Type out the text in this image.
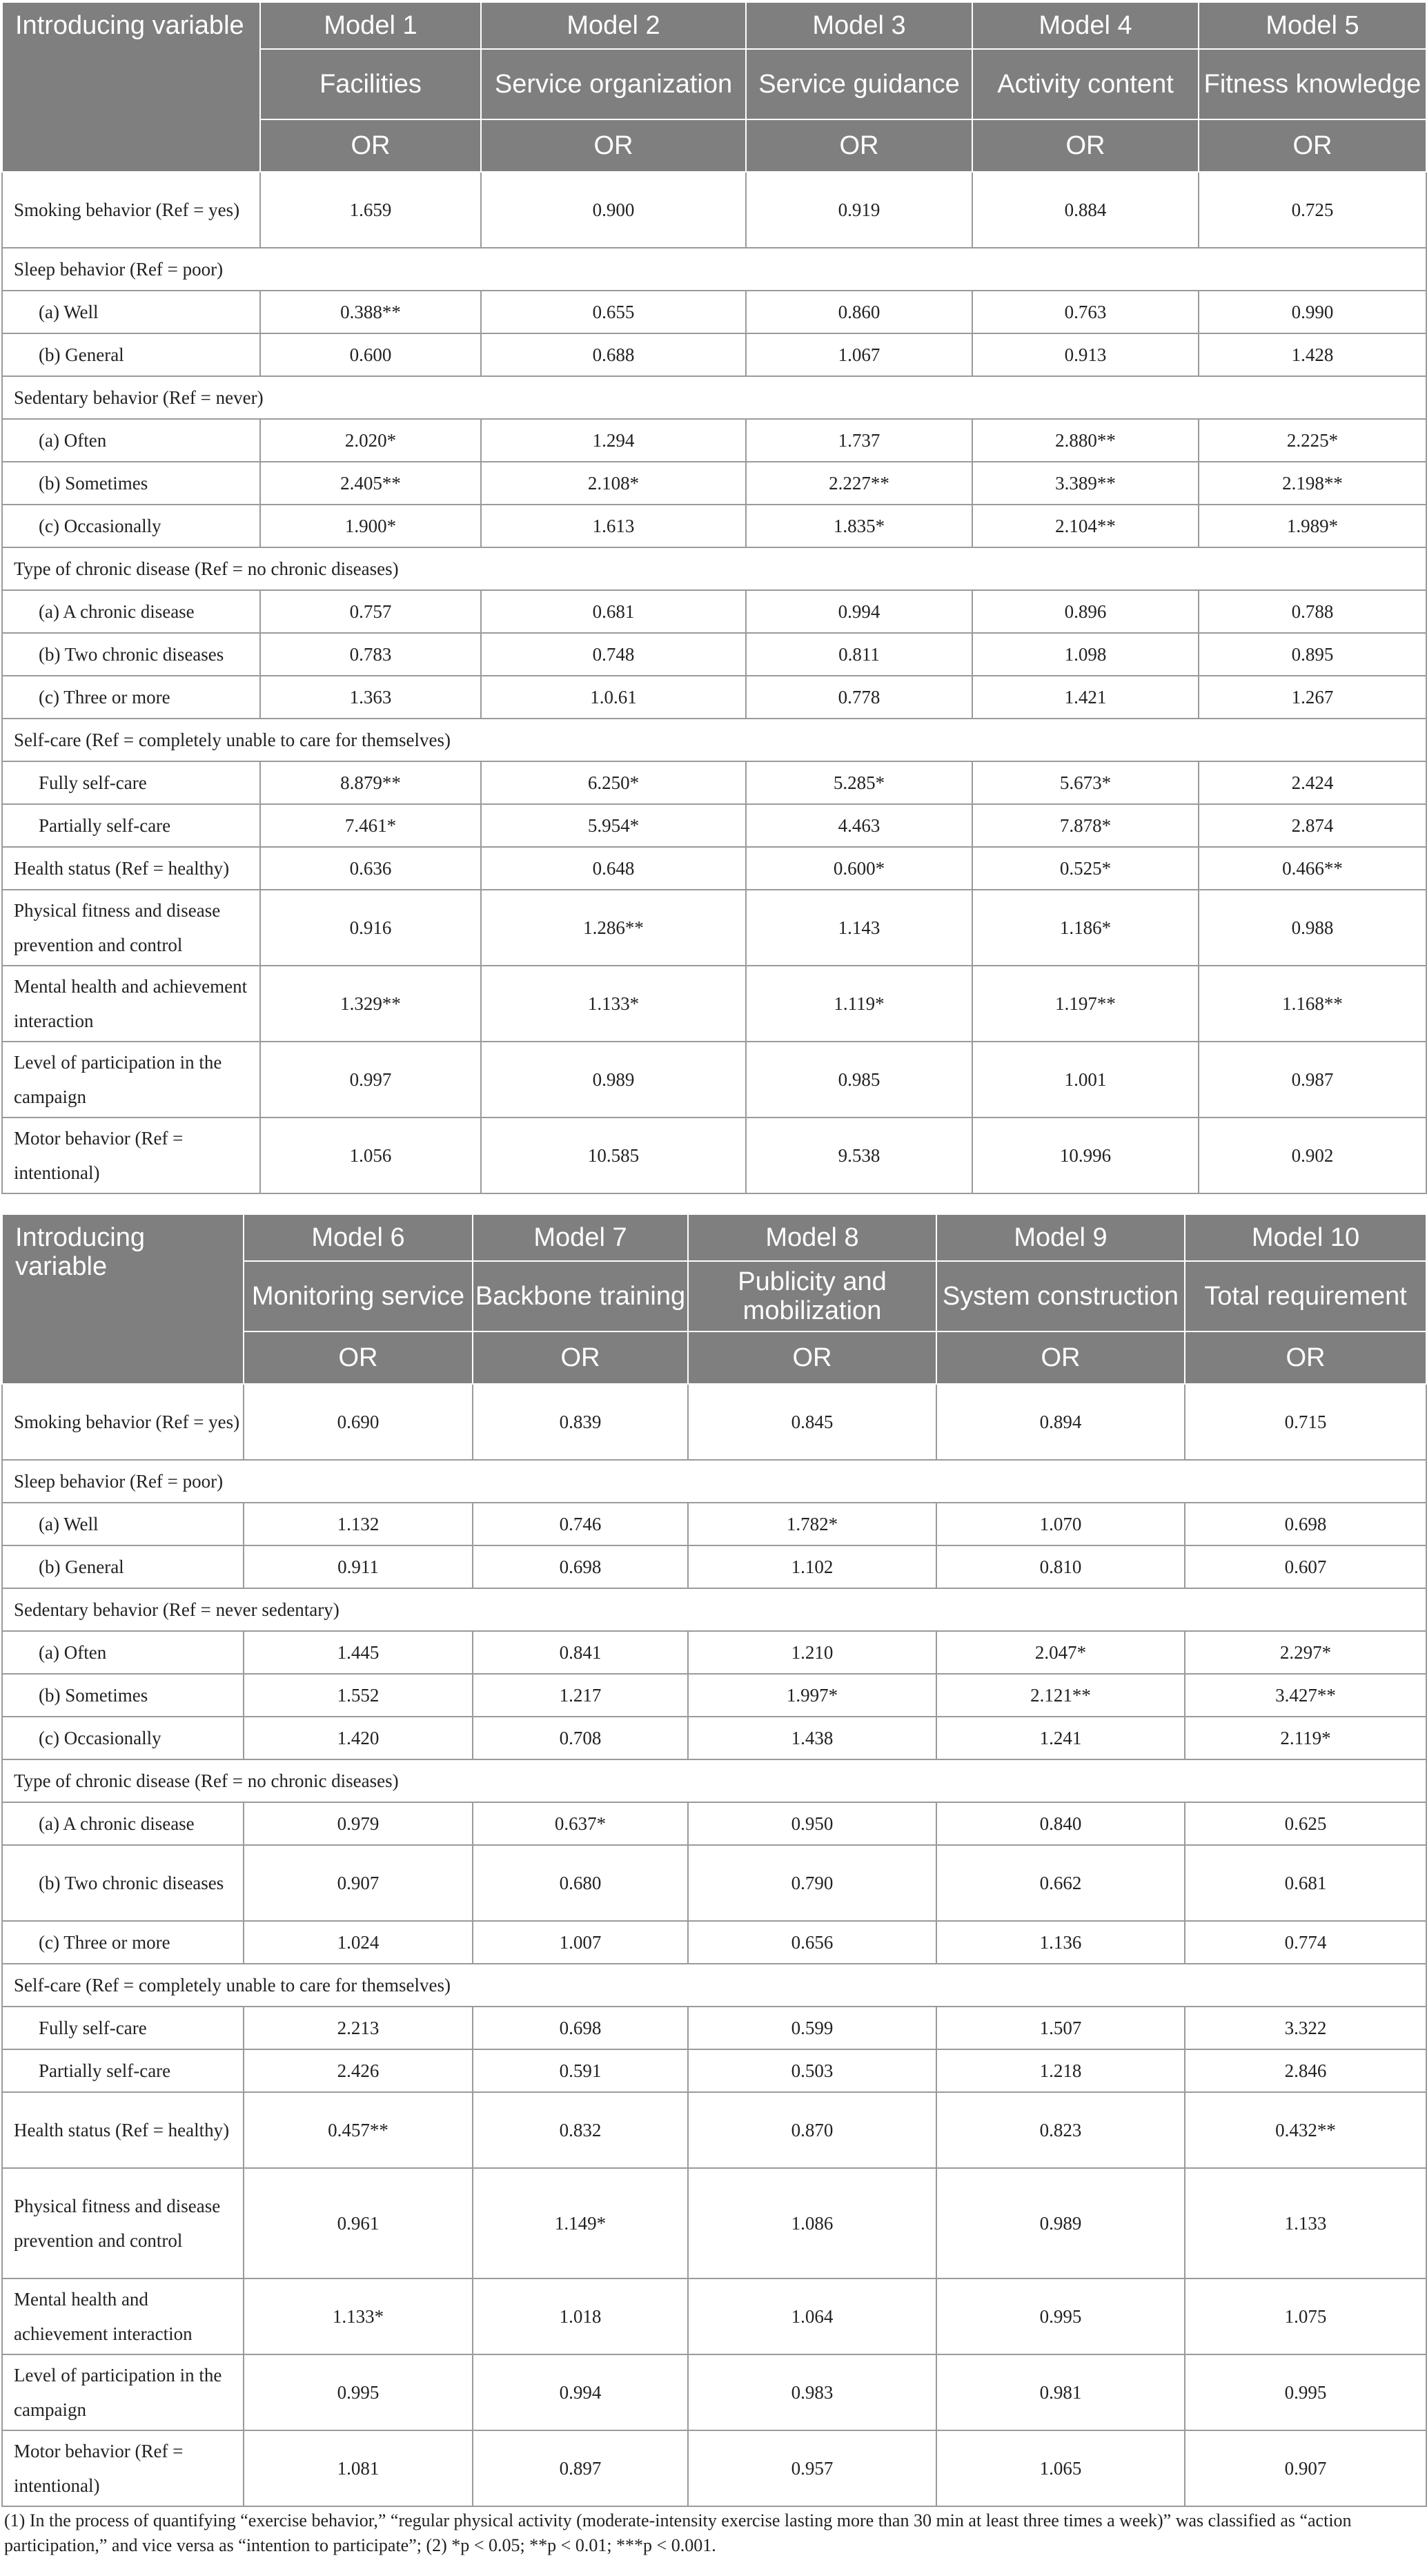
Introducing variable	Model 1	Model 2	Model 3	Model 4	Model 5
	Facilities	Service organization	Service guidance	Activity content	Fitness knowledge
	OR	OR	OR	OR	OR
Smoking behavior (Ref = yes)	1.659	0.900	0.919	0.884	0.725
Sleep behavior (Ref = poor)					
(a) Well	0.388**	0.655	0.860	0.763	0.990
(b) General	0.600	0.688	1.067	0.913	1.428
Sedentary behavior (Ref = never)					
(a) Often	2.020*	1.294	1.737	2.880**	2.225*
(b) Sometimes	2.405**	2.108*	2.227**	3.389**	2.198**
(c) Occasionally	1.900*	1.613	1.835*	2.104**	1.989*
Type of chronic disease (Ref = no chronic diseases)					
(a) A chronic disease	0.757	0.681	0.994	0.896	0.788
(b) Two chronic diseases	0.783	0.748	0.811	1.098	0.895
(c) Three or more	1.363	1.0.61	0.778	1.421	1.267
Self-care (Ref = completely unable to care for themselves)					
Fully self-care	8.879**	6.250*	5.285*	5.673*	2.424
Partially self-care	7.461*	5.954*	4.463	7.878*	2.874
Health status (Ref = healthy)	0.636	0.648	0.600*	0.525*	0.466**
Physical fitness and disease prevention and control	0.916	1.286**	1.143	1.186*	0.988
Mental health and achievement interaction	1.329**	1.133*	1.119*	1.197**	1.168**
Level of participation in the campaign	0.997	0.989	0.985	1.001	0.987
Motor behavior (Ref = intentional)	1.056	10.585	9.538	10.996	0.902
Introducing variable	Model 6	Model 7	Model 8	Model 9	Model 10
	Monitoring service	Backbone training	Publicity and mobilization	System construction	Total requirement
	OR	OR	OR	OR	OR
Smoking behavior (Ref = yes)	0.690	0.839	0.845	0.894	0.715
Sleep behavior (Ref = poor)					
(a) Well	1.132	0.746	1.782*	1.070	0.698
(b) General	0.911	0.698	1.102	0.810	0.607
Sedentary behavior (Ref = never sedentary)					
(a) Often	1.445	0.841	1.210	2.047*	2.297*
(b) Sometimes	1.552	1.217	1.997*	2.121**	3.427**
(c) Occasionally	1.420	0.708	1.438	1.241	2.119*
Type of chronic disease (Ref = no chronic diseases)					
(a) A chronic disease	0.979	0.637*	0.950	0.840	0.625
(b) Two chronic diseases	0.907	0.680	0.790	0.662	0.681
(c) Three or more	1.024	1.007	0.656	1.136	0.774
Self-care (Ref = completely unable to care for themselves)					
Fully self-care	2.213	0.698	0.599	1.507	3.322
Partially self-care	2.426	0.591	0.503	1.218	2.846
Health status (Ref = healthy)	0.457**	0.832	0.870	0.823	0.432**
Physical fitness and disease prevention and control	0.961	1.149*	1.086	0.989	1.133
Mental health and achievement interaction	1.133*	1.018	1.064	0.995	1.075
Level of participation in the campaign	0.995	0.994	0.983	0.981	0.995
Motor behavior (Ref = intentional)	1.081	0.897	0.957	1.065	0.907
(1) In the process of quantifying “exercise behavior,” “regular physical activity (moderate-intensity exercise lasting more than 30 min at least three times a week)” was classified as “action participation,” and vice versa as “intention to participate”; (2) *p < 0.05; **p < 0.01; ***p < 0.001.
